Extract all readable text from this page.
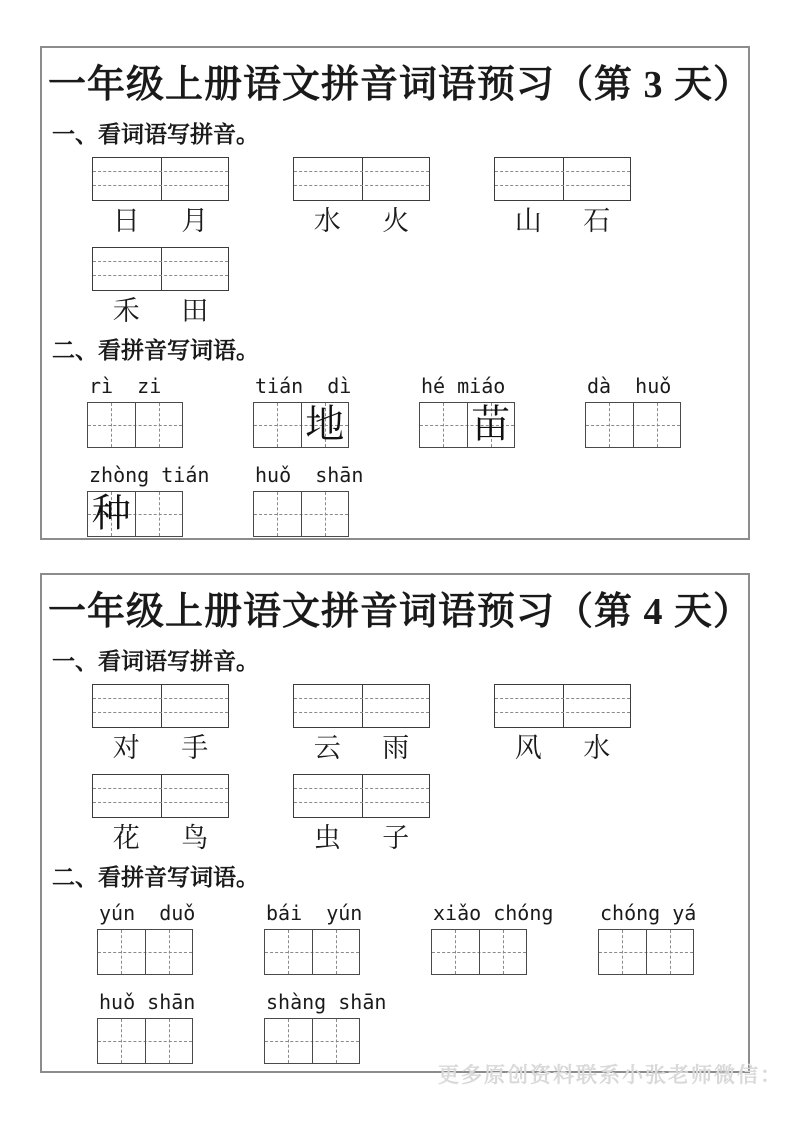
一年级上册语文拼音词语预习（第 3 天）
一、看词语写拼音。
日	月	水	火	山	石
禾	田
二、看拼音写词语。
rì  zi	tián  dì
地
hé miáo
苗
dà  huǒ
zhòng tián
种
huǒ  shān
一年级上册语文拼音词语预习（第 4 天）
一、看词语写拼音。
对	手	云	雨	风	水
花	鸟	虫	子
二、看拼音写词语。
yún  duǒ	bái  yún	xiǎo chóng chóng yá
huǒ shān	shàng shān
更多原创资料联系小张老师微信：
